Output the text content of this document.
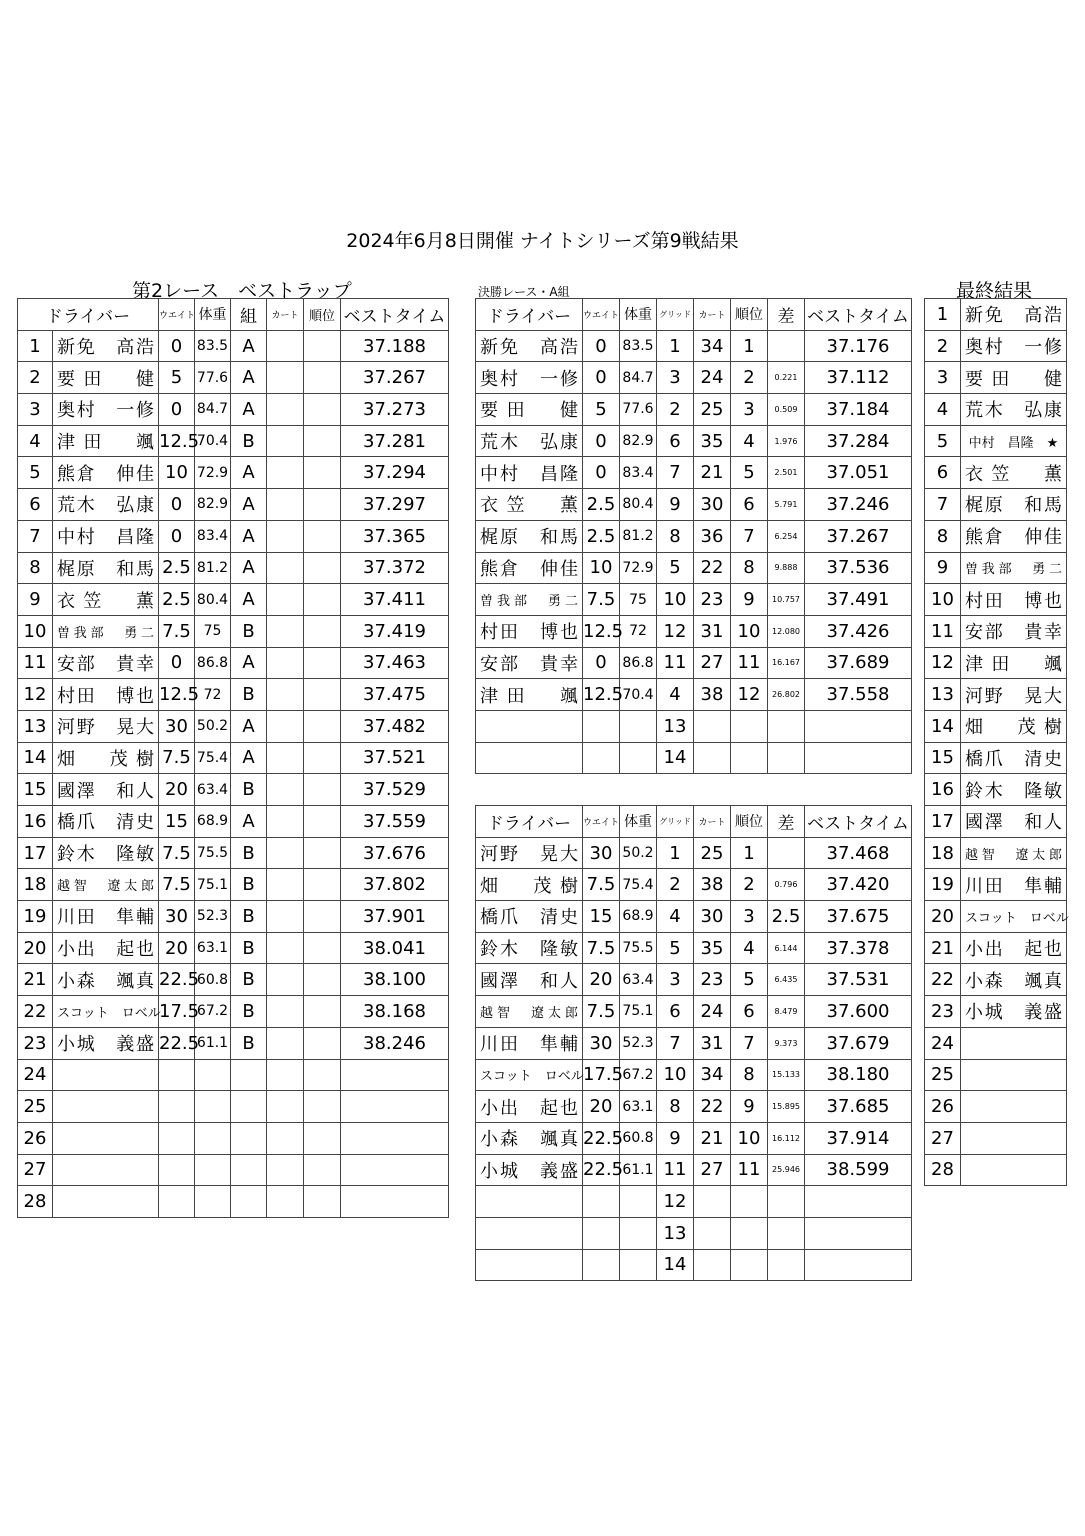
2024年6月8日開催 ナイトシリーズ第9戦結果
第2レース　ベストラップ	決勝レース・A組	最終結果
ドライバー		ウエイト	体重	組	カート	順位	ベストタイム
1	新免　高浩	0	83.5	A			37.188
2	要田　健	5	77.6	A			37.267
3	奥村　一修	0	84.7	A			37.273
4	津田　颯	12.5	70.4	B			37.281
5	熊倉　伸佳	10	72.9	A			37.294
6	荒木　弘康	0	82.9	A			37.297
7	中村　昌隆	0	83.4	A			37.365
8	梶原　和馬	2.5	81.2	A			37.372
9	衣笠　薫	2.5	80.4	A			37.411
10	曽我部　勇二	7.5	75	B			37.419
11	安部　貴幸	0	86.8	A			37.463
12	村田　博也	12.5	72	B			37.475
13	河野　晃大	30	50.2	A			37.482
14	畑　茂樹	7.5	75.4	A			37.521
15	國澤　和人	20	63.4	B			37.529
16	橋爪　清史	15	68.9	A			37.559
17	鈴木　隆敏	7.5	75.5	B			37.676
18	越智　遼太郎	7.5	75.1	B			37.802
19	川田　隼輔	30	52.3	B			37.901
20	小出　起也	20	63.1	B			38.041
21	小森　颯真	22.5	60.8	B			38.100
22	スコット　ロベル	17.5	67.2	B			38.168
23	小城　義盛	22.5	61.1	B			38.246
24							
25							
26							
27							
28							
ドライバー	ウエイト	体重	グリッド	カート	順位	差	ベストタイム
新免　高浩	0	83.5	1	34	1		37.176
奥村　一修	0	84.7	3	24	2	0.221	37.112
要田　健	5	77.6	2	25	3	0.509	37.184
荒木　弘康	0	82.9	6	35	4	1.976	37.284
中村　昌隆	0	83.4	7	21	5	2.501	37.051
衣笠　薫	2.5	80.4	9	30	6	5.791	37.246
梶原　和馬	2.5	81.2	8	36	7	6.254	37.267
熊倉　伸佳	10	72.9	5	22	8	9.888	37.536
曽我部　勇二	7.5	75	10	23	9	10.757	37.491
村田　博也	12.5	72	12	31	10	12.080	37.426
安部　貴幸	0	86.8	11	27	11	16.167	37.689
津田　颯	12.5	70.4	4	38	12	26.802	37.558
			13				
			14				
ドライバー	ウエイト	体重	グリッド	カート	順位	差	ベストタイム
河野　晃大	30	50.2	1	25	1		37.468
畑　茂樹	7.5	75.4	2	38	2	0.796	37.420
橋爪　清史	15	68.9	4	30	3	2.5	37.675
鈴木　隆敏	7.5	75.5	5	35	4	6.144	37.378
國澤　和人	20	63.4	3	23	5	6.435	37.531
越智　遼太郎	7.5	75.1	6	24	6	8.479	37.600
川田　隼輔	30	52.3	7	31	7	9.373	37.679
スコット　ロベル	17.5	67.2	10	34	8	15.133	38.180
小出　起也	20	63.1	8	22	9	15.895	37.685
小森　颯真	22.5	60.8	9	21	10	16.112	37.914
小城　義盛	22.5	61.1	11	27	11	25.946	38.599
			12				
			13				
			14				
1	新免　高浩
2	奥村　一修
3	要田　健
4	荒木　弘康
5	中村　昌隆　★
6	衣笠　薫
7	梶原　和馬
8	熊倉　伸佳
9	曽我部　勇二
10	村田　博也
11	安部　貴幸
12	津田　颯
13	河野　晃大
14	畑　茂樹
15	橋爪　清史
16	鈴木　隆敏
17	國澤　和人
18	越智　遼太郎
19	川田　隼輔
20	スコット　ロベル
21	小出　起也
22	小森　颯真
23	小城　義盛
24	
25	
26	
27	
28	
